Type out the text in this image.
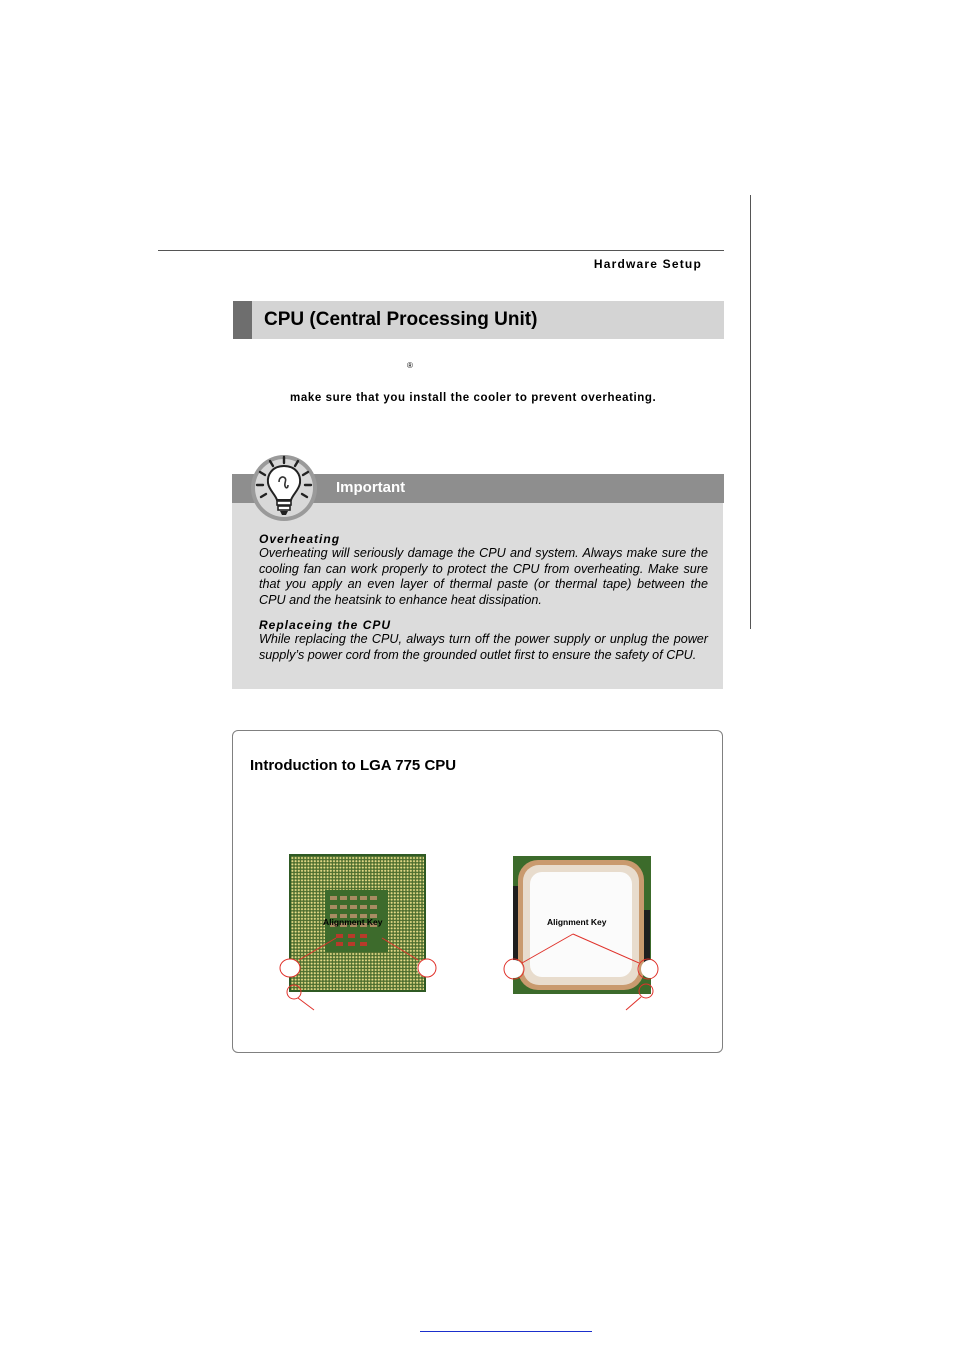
Hardware Setup
CPU (Central Processing Unit)
®
make sure that you install the cooler to prevent overheating.
Important
Overheating
Overheating will seriously damage the CPU and system. Always make sure the cooling fan can work properly to protect the CPU from overheating. Make sure that you apply an even layer of thermal paste (or thermal tape) between the CPU and the heatsink to enhance heat dissipation.
Replaceing the CPU
While replacing the CPU, always turn off the power supply or unplug the power supply’s power cord from the grounded outlet first to ensure the safety of CPU.
Introduction to LGA 775 CPU
Alignment Key	Alignment Key
